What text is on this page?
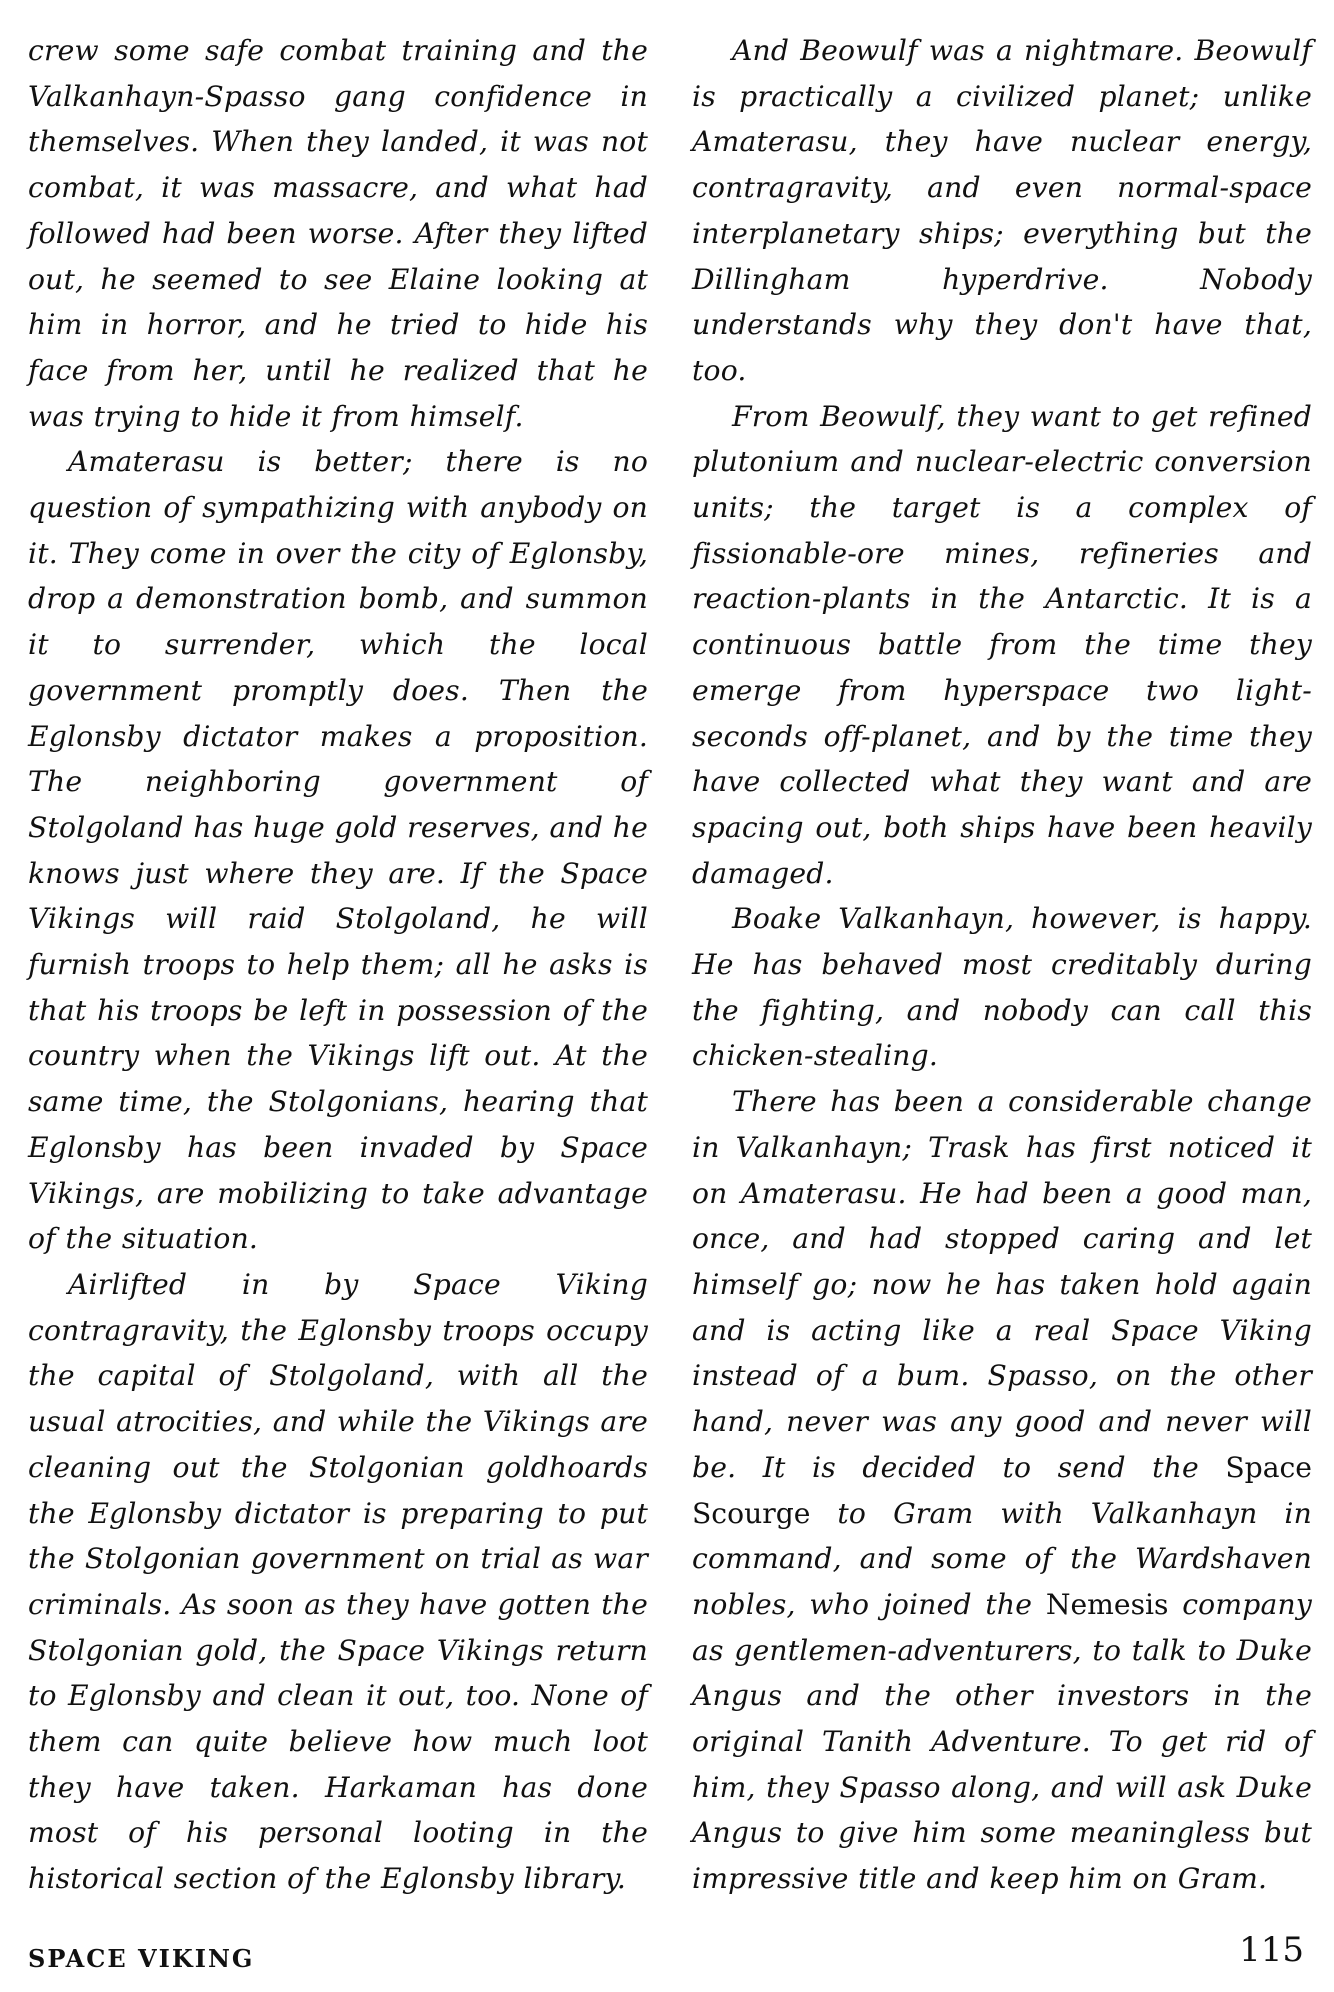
crew some safe combat training and the Valkanhayn-Spasso gang confidence in themselves. When they landed, it was not combat, it was massacre, and what had followed had been worse. After they lifted out, he seemed to see Elaine looking at him in horror, and he tried to hide his face from her, until he realized that he was trying to hide it from himself.

Amaterasu is better; there is no question of sympathizing with anybody on it. They come in over the city of Eglonsby, drop a demonstration bomb, and summon it to surrender, which the local government promptly does. Then the Eglonsby dictator makes a proposition. The neighboring government of Stolgoland has huge gold reserves, and he knows just where they are. If the Space Vikings will raid Stolgoland, he will furnish troops to help them; all he asks is that his troops be left in possession of the country when the Vikings lift out. At the same time, the Stolgonians, hearing that Eglonsby has been invaded by Space Vikings, are mobilizing to take advantage of the situation.

Airlifted in by Space Viking contragravity, the Eglonsby troops occupy the capital of Stolgoland, with all the usual atrocities, and while the Vikings are cleaning out the Stolgonian goldhoards the Eglonsby dictator is preparing to put the Stolgonian government on trial as war criminals. As soon as they have gotten the Stolgonian gold, the Space Vikings return to Eglonsby and clean it out, too. None of them can quite believe how much loot they have taken. Harkaman has done most of his personal looting in the historical section of the Eglonsby library.

And Beowulf was a nightmare. Beowulf is practically a civilized planet; unlike Amaterasu, they have nuclear energy, contragravity, and even normal-space interplanetary ships; everything but the Dillingham hyperdrive. Nobody understands why they don't have that, too.

From Beowulf, they want to get refined plutonium and nuclear-electric conversion units; the target is a complex of fissionable-ore mines, refineries and reaction-plants in the Antarctic. It is a continuous battle from the time they emerge from hyperspace two light-seconds off-planet, and by the time they have collected what they want and are spacing out, both ships have been heavily damaged.

Boake Valkanhayn, however, is happy. He has behaved most creditably during the fighting, and nobody can call this chicken-stealing.

There has been a considerable change in Valkanhayn; Trask has first noticed it on Amaterasu. He had been a good man, once, and had stopped caring and let himself go; now he has taken hold again and is acting like a real Space Viking instead of a bum. Spasso, on the other hand, never was any good and never will be. It is decided to send the Space Scourge to Gram with Valkanhayn in command, and some of the Wardshaven nobles, who joined the Nemesis company as gentlemen-adventurers, to talk to Duke Angus and the other investors in the original Tanith Adventure. To get rid of him, they Spasso along, and will ask Duke Angus to give him some meaningless but impressive title and keep him on Gram.

SPACE VIKING	115
